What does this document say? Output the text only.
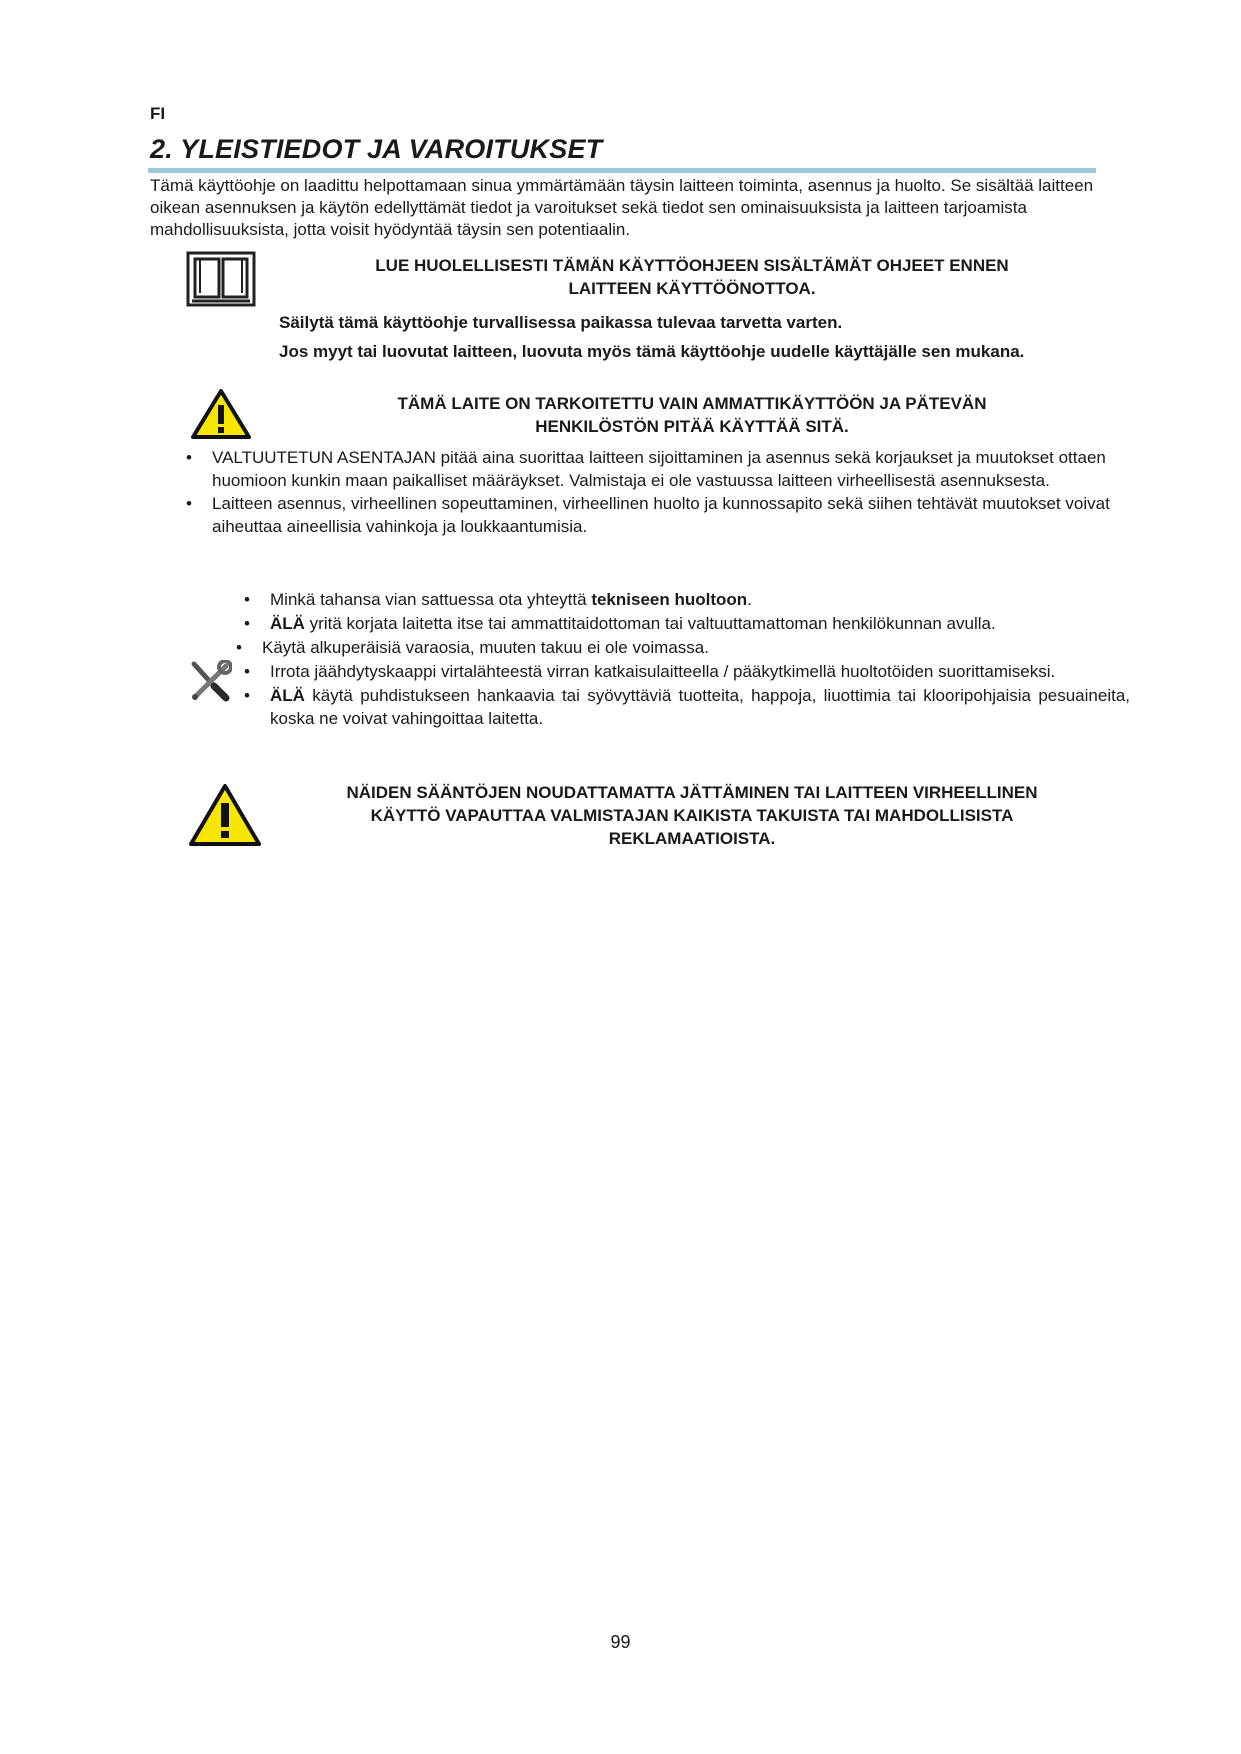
FI
2. YLEISTIEDOT JA VAROITUKSET
Tämä käyttöohje on laadittu helpottamaan sinua ymmärtämään täysin laitteen toiminta, asennus ja huolto. Se sisältää laitteen oikean asennuksen ja käytön edellyttämät tiedot ja varoitukset sekä tiedot sen ominaisuuksista ja laitteen tarjoamista mahdollisuuksista, jotta voisit hyödyntää täysin sen potentiaalin.
LUE HUOLELLISESTI TÄMÄN KÄYTTÖOHJEEN SISÄLTÄMÄT OHJEET ENNEN
LAITTEEN KÄYTTÖÖNOTTOA.
Säilytä tämä käyttöohje turvallisessa paikassa tulevaa tarvetta varten.
Jos myyt tai luovutat laitteen, luovuta myös tämä käyttöohje uudelle käyttäjälle sen mukana.
TÄMÄ LAITE ON TARKOITETTU VAIN AMMATTIKÄYTTÖÖN JA PÄTEVÄN
HENKILÖSTÖN PITÄÄ KÄYTTÄÄ SITÄ.
• VALTUUTETUN ASENTAJAN pitää aina suorittaa laitteen sijoittaminen ja asennus sekä korjaukset ja muutokset ottaen huomioon kunkin maan paikalliset määräykset. Valmistaja ei ole vastuussa laitteen virheellisestä asennuksesta.
• Laitteen asennus, virheellinen sopeuttaminen, virheellinen huolto ja kunnossapito sekä siihen tehtävät muutokset voivat aiheuttaa aineellisia vahinkoja ja loukkaantumisia.
• Minkä tahansa vian sattuessa ota yhteyttä tekniseen huoltoon.
• ÄLÄ yritä korjata laitetta itse tai ammattitaidottoman tai valtuuttamattoman henkilökunnan avulla.
• Käytä alkuperäisiä varaosia, muuten takuu ei ole voimassa.
• Irrota jäähdytyskaappi virtalähteestä virran katkaisulaitteella / pääkytkimellä huoltotöiden suorittamiseksi.
• ÄLÄ käytä puhdistukseen hankaavia tai syövyttäviä tuotteita, happoja, liuottimia tai klooripohjaisia pesuaineita, koska ne voivat vahingoittaa laitetta.
NÄIDEN SÄÄNTÖJEN NOUDATTAMATTA JÄTTÄMINEN TAI LAITTEEN VIRHEELLINEN
KÄYTTÖ VAPAUTTAA VALMISTAJAN KAIKISTA TAKUISTA TAI MAHDOLLISISTA
REKLAMAATIOISTA.
99
